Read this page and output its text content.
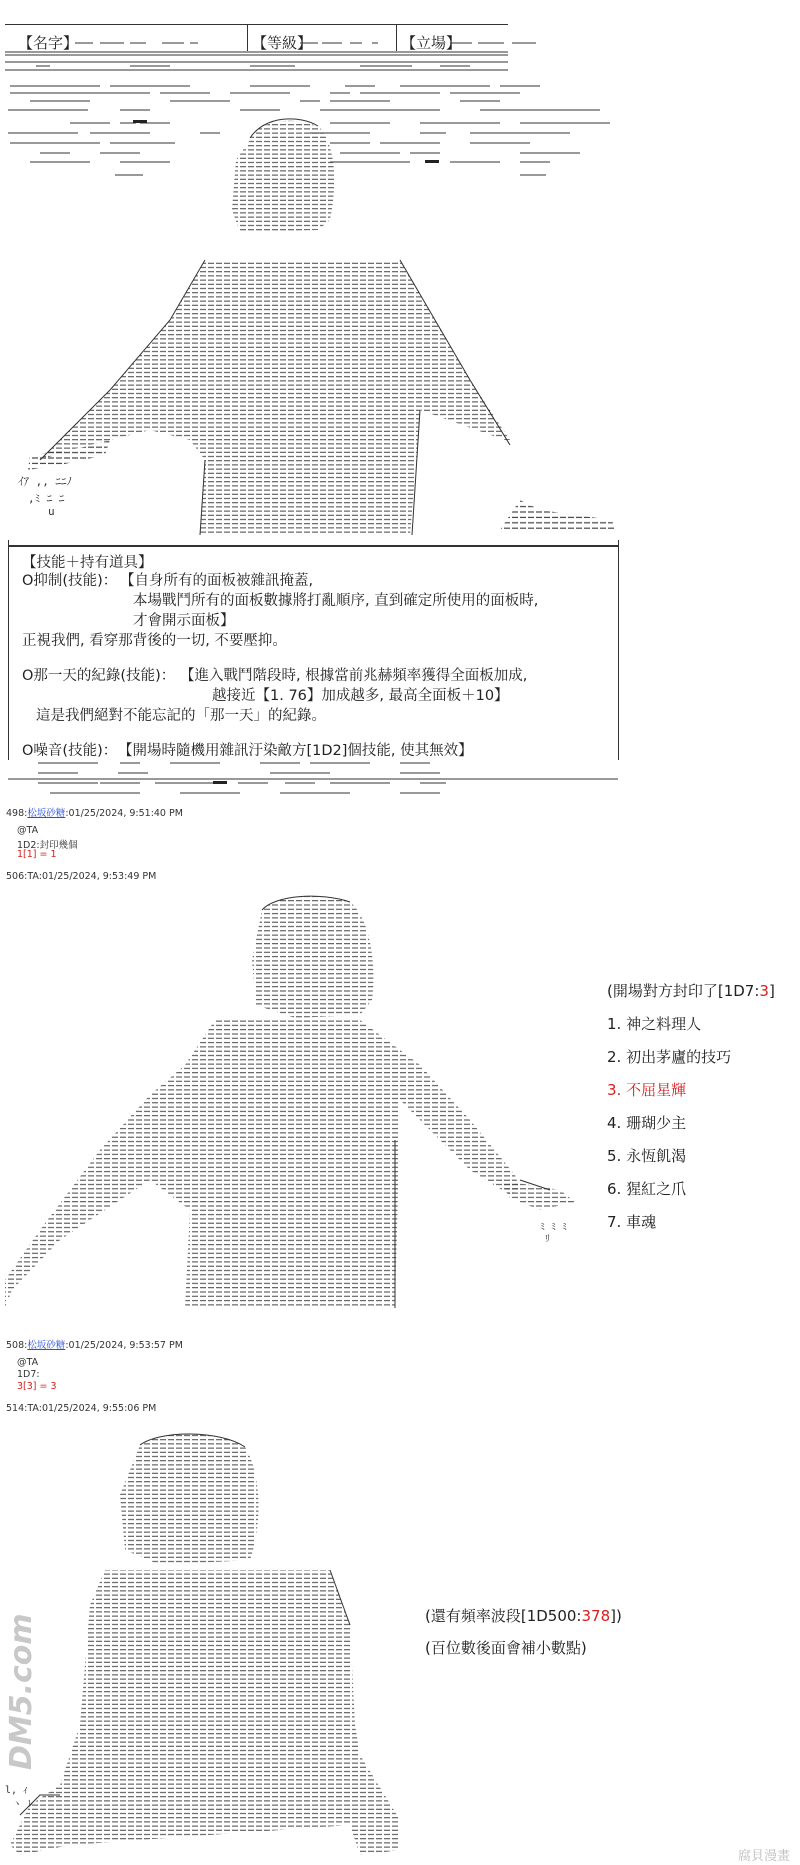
【名字】	【等級】	【立場】
ｲｱ ,, ﾆﾆﾉ
,ﾐ ﾆ ﾆ
u
【技能＋持有道具】
O抑制(技能)： 【自身所有的面板被雜訊掩蓋,
本場戰鬥所有的面板數據將打亂順序, 直到確定所使用的面板時,
才會開示面板】
正視我們, 看穿那背後的一切, 不要壓抑。
O那一天的紀錄(技能)： 【進入戰鬥階段時, 根據當前兆赫頻率獲得全面板加成,
越接近【1. 76】加成越多, 最高全面板＋10】
這是我們絕對不能忘記的「那一天」的紀錄。
O噪音(技能)： 【開場時隨機用雜訊汙染敵方[1D2]個技能, 使其無效】
498:松坂砂糖:01/25/2024, 9:51:40 PM
@TA
1D2:封印幾個
1[1] = 1
506:TA:01/25/2024, 9:53:49 PM
ﾐ ﾐ ﾐ
ﾘ
(開場對方封印了[1D7:3]
1. 神之料理人
2. 初出茅廬的技巧
3. 不屈星輝
4. 珊瑚少主
5. 永恆飢渴
6. 猩紅之爪
7. 車魂
508:松坂砂糖:01/25/2024, 9:53:57 PM
@TA
1D7:
3[3] = 3
514:TA:01/25/2024, 9:55:06 PM
l, ｨ
ヽ ﾚ
(還有頻率波段[1D500:378])
(百位數後面會補小數點)
DM5.com
腐貝漫畫
